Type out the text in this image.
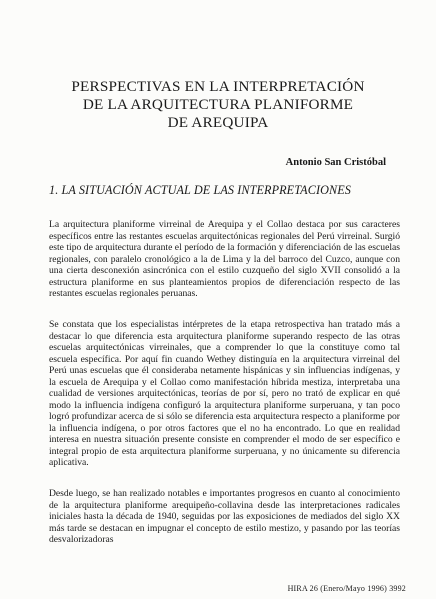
PERSPECTIVAS EN LA INTERPRETACIÓN
DE LA ARQUITECTURA PLANIFORME
DE AREQUIPA

Antonio San Cristóbal

1. LA SITUACIÓN ACTUAL DE LAS INTERPRETACIONES

La arquitectura planiforme virreinal de Arequipa y el Collao destaca por sus caracteres específicos entre las restantes escuelas arquitectónicas regionales del Perú virreinal. Surgió este tipo de arquitectura durante el período de la formación y diferenciación de las escuelas regionales, con paralelo cronológico a la de Lima y la del barroco del Cuzco, aunque con una cierta desconexión asincrónica con el estilo cuzqueño del siglo XVII consolidó a la estructura planiforme en sus planteamientos propios de diferenciación respecto de las restantes escuelas regionales peruanas.

Se constata que los especialistas intérpretes de la etapa retrospectiva han tratado más a destacar lo que diferencia esta arquitectura planiforme superando respecto de las otras escuelas arquitectónicas virreinales, que a comprender lo que la constituye como tal escuela específica. Por aquí fin cuando Wethey distinguía en la arquitectura virreinal del Perú unas escuelas que él consideraba netamente hispánicas y sin influencias indígenas, y la escuela de Arequipa y el Collao como manifestación híbrida mestiza, interpretaba una cualidad de versiones arquitectónicas, teorías de por sí, pero no trató de explicar en qué modo la influencia indígena configuró la arquitectura planiforme surperuana, y tan poco logró profundizar acerca de si sólo se diferencia esta arquitectura respecto a planiforme por la influencia indígena, o por otros factores que el no ha encontrado. Lo que en realidad interesa en nuestra situación presente consiste en comprender el modo de ser específico e integral propio de esta arquitectura planiforme surperuana, y no únicamente su diferencia aplicativa.

Desde luego, se han realizado notables e importantes progresos en cuanto al conocimiento de la arquitectura planiforme arequipeño-collavina desde las interpretaciones radicales iniciales hasta la década de 1940, seguidas por las exposiciones de mediados del siglo XX más tarde se destacan en impugnar el concepto de estilo mestizo, y pasando por las teorías desvalorizadoras

HIRA 26 (Enero/Mayo 1996) 3992
